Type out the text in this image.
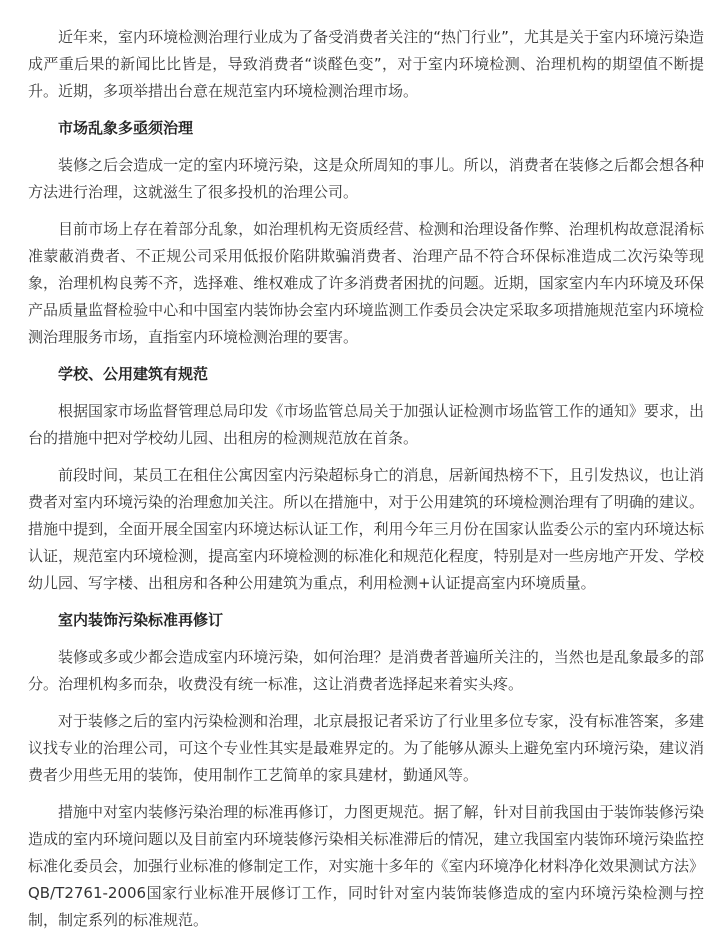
近年来，室内环境检测治理行业成为了备受消费者关注的“热门行业”，尤其是关于室内环境污染造成严重后果的新闻比比皆是，导致消费者“谈醛色变”，对于室内环境检测、治理机构的期望值不断提升。近期，多项举措出台意在规范室内环境检测治理市场。

市场乱象多亟须治理

装修之后会造成一定的室内环境污染，这是众所周知的事儿。所以，消费者在装修之后都会想各种方法进行治理，这就滋生了很多投机的治理公司。

目前市场上存在着部分乱象，如治理机构无资质经营、检测和治理设备作弊、治理机构故意混淆标准蒙蔽消费者、不正规公司采用低报价陷阱欺骗消费者、治理产品不符合环保标准造成二次污染等现象，治理机构良莠不齐，选择难、维权难成了许多消费者困扰的问题。近期，国家室内车内环境及环保产品质量监督检验中心和中国室内装饰协会室内环境监测工作委员会决定采取多项措施规范室内环境检测治理服务市场，直指室内环境检测治理的要害。

学校、公用建筑有规范

根据国家市场监督管理总局印发《市场监管总局关于加强认证检测市场监管工作的通知》要求，出台的措施中把对学校幼儿园、出租房的检测规范放在首条。

前段时间，某员工在租住公寓因室内污染超标身亡的消息，居新闻热榜不下，且引发热议，也让消费者对室内环境污染的治理愈加关注。所以在措施中，对于公用建筑的环境检测治理有了明确的建议。措施中提到，全面开展全国室内环境达标认证工作，利用今年三月份在国家认监委公示的室内环境达标认证，规范室内环境检测，提高室内环境检测的标准化和规范化程度，特别是对一些房地产开发、学校幼儿园、写字楼、出租房和各种公用建筑为重点，利用检测+认证提高室内环境质量。

室内装饰污染标准再修订

装修或多或少都会造成室内环境污染，如何治理？是消费者普遍所关注的，当然也是乱象最多的部分。治理机构多而杂，收费没有统一标准，这让消费者选择起来着实头疼。

对于装修之后的室内污染检测和治理，北京晨报记者采访了行业里多位专家，没有标准答案，多建议找专业的治理公司，可这个专业性其实是最难界定的。为了能够从源头上避免室内环境污染，建议消费者少用些无用的装饰，使用制作工艺简单的家具建材，勤通风等。

措施中对室内装修污染治理的标准再修订，力图更规范。据了解，针对目前我国由于装饰装修污染造成的室内环境问题以及目前室内环境装修污染相关标准滞后的情况，建立我国室内装饰环境污染监控标准化委员会，加强行业标准的修制定工作，对实施十多年的《室内环境净化材料净化效果测试方法》QB/T2761-2006国家行业标准开展修订工作，同时针对室内装饰装修造成的室内环境污染检测与控制，制定系列的标准规范。
